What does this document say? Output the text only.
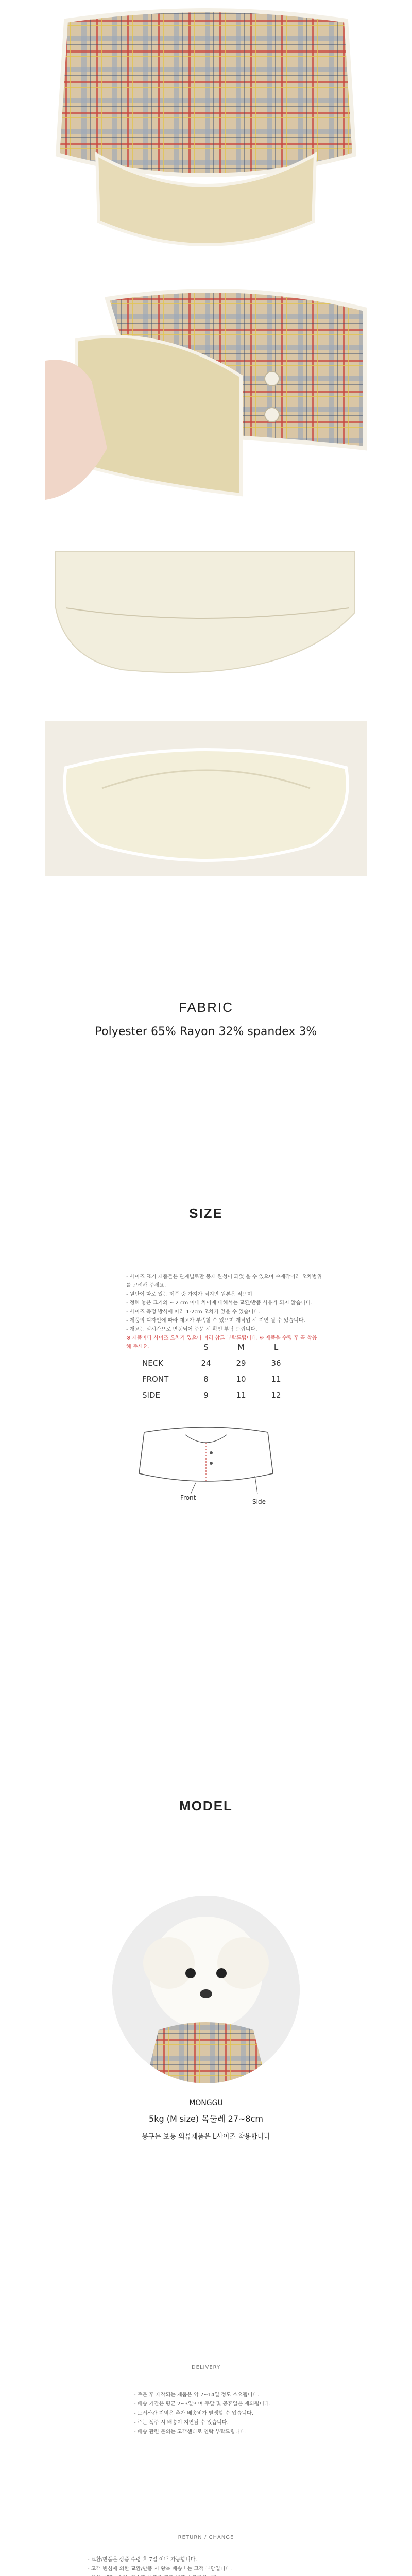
FABRIC
Polyester 65% Rayon 32% spandex 3%
SIZE
- 사이즈 표기 제품들은 단계별로만 봉제 완성이 되었 을 수 있으며 수제작이라 오차범위를 고려해 주세요.
- 원단이 따로 있는 제품 중 가지가 되지만 원본은 적으며
- 정해 놓은 크기의 ~ 2 cm 이내 차이에 대해서는 교환/반품 사유가 되지 않습니다.
- 사이즈 측정 방식에 따라 1-2cm 오차가 있을 수 있습니다.
- 제품의 디자인에 따라 재고가 부족할 수 있으며 재작업 시 지연 될 수 있습니다.
- 재고는 실시간으로 변동되어 주문 시 확인 부탁 드립니다.
※ 제품마다 사이즈 오차가 있으니 미리 참고 부탁드립니다. ※ 제품을 수령 후 꼭 착용해 주세요.
		S	M	L
NECK	24	29	36
FRONT	8	10	11
SIDE	9	11	12
Front
Side
MODEL
MONGGU
5kg (M size) 목둘레 27~8cm
몽구는 보통 의류제품은 L사이즈 착용합니다
DELIVERY
- 주문 후 제작되는 제품은 약 7~14일 정도 소요됩니다.
- 배송 기간은 평균 2~3일이며 주말 및 공휴일은 제외됩니다.
- 도서산간 지역은 추가 배송비가 발생할 수 있습니다.
- 주문 폭주 시 배송이 지연될 수 있습니다.
- 배송 관련 문의는 고객센터로 연락 부탁드립니다.
RETURN / CHANGE
- 교환/반품은 상품 수령 후 7일 이내 가능합니다.
- 고객 변심에 의한 교환/반품 시 왕복 배송비는 고객 부담입니다.
